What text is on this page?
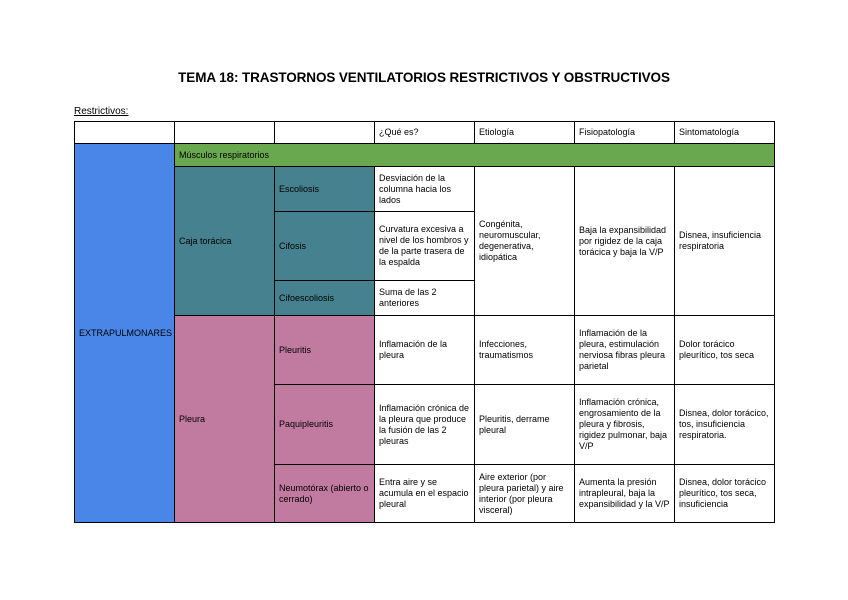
TEMA 18: TRASTORNOS VENTILATORIOS RESTRICTIVOS Y OBSTRUCTIVOS
Restrictivos:
			¿Qué es?	Etiología	Fisiopatología	Sintomatología
EXTRAPULMONARES	Músculos respiratorios					
	Caja torácica	Escoliosis	Desviación de la columna hacia los lados	Congénita, neuromuscular, degenerativa, idiopática	Baja la expansibilidad por rigidez de la caja torácica y baja la V/P	Disnea, insuficiencia respiratoria
		Cifosis	Curvatura excesiva a nivel de los hombros y de la parte trasera de la espalda			
		Cifoescoliosis	Suma de las 2 anteriores			
	Pleura	Pleuritis	Inflamación de la pleura	Infecciones, traumatismos	Inflamación de la pleura, estimulación nerviosa fibras pleura parietal	Dolor torácico pleurítico, tos seca
		Paquipleuritis	Inflamación crónica de la pleura que produce la fusión de las 2 pleuras	Pleuritis, derrame pleural	Inflamación crónica, engrosamiento de la pleura y fibrosis, rigidez pulmonar, baja V/P	Disnea, dolor torácico, tos, insuficiencia respiratoria.
		Neumotórax (abierto o cerrado)	Entra aire y se acumula en el espacio pleural	Aire exterior (por pleura parietal) y aire interior (por pleura visceral)	Aumenta la presión intrapleural, baja la expansibilidad y la V/P	Disnea, dolor torácico pleurítico, tos seca, insuficiencia
